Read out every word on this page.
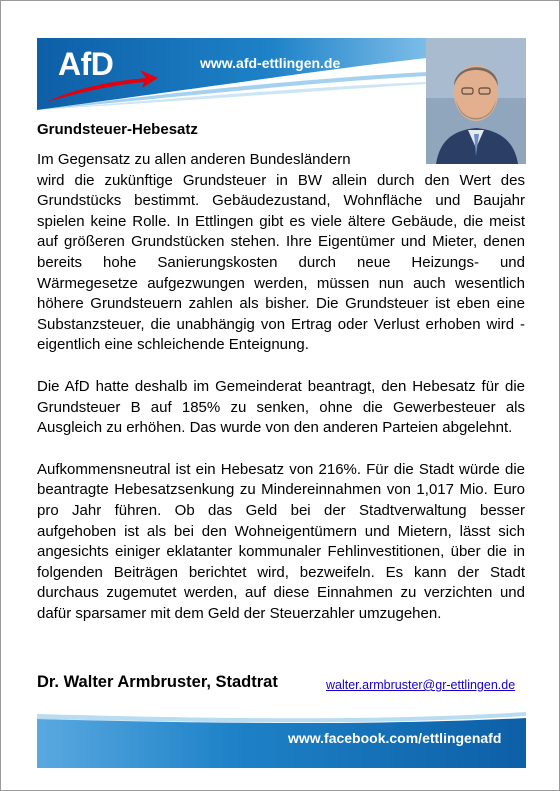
AfD	www.afd-ettlingen.de
Grundsteuer-Hebesatz

Im Gegensatz zu allen anderen Bundesländern
wird die zukünftige Grundsteuer in BW allein durch den Wert des Grundstücks bestimmt. Gebäudezustand, Wohnfläche und Baujahr spielen keine Rolle. In Ettlingen gibt es viele ältere Gebäude, die meist auf größeren Grundstücken stehen. Ihre Eigentümer und Mieter, denen bereits hohe Sanierungskosten durch neue Heizungs- und Wärmegesetze aufgezwungen werden, müssen nun auch wesentlich höhere Grundsteuern zahlen als bisher. Die Grundsteuer ist eben eine Substanzsteuer, die unabhängig von Ertrag oder Verlust erhoben wird - eigentlich eine schleichende Enteignung.

Die AfD hatte deshalb im Gemeinderat beantragt, den Hebesatz für die Grundsteuer B auf 185% zu senken, ohne die Gewerbesteuer als Ausgleich zu erhöhen. Das wurde von den anderen Parteien abgelehnt.

Aufkommensneutral ist ein Hebesatz von 216%. Für die Stadt würde die beantragte Hebesatzsenkung zu Mindereinnahmen von 1,017 Mio. Euro pro Jahr führen. Ob das Geld bei der Stadtverwaltung besser aufgehoben ist als bei den Wohneigentümern und Mietern, lässt sich angesichts einiger eklatanter kommunaler Fehlinvestitionen, über die in folgenden Beiträgen berichtet wird, bezweifeln. Es kann der Stadt durchaus zugemutet werden, auf diese Einnahmen zu verzichten und dafür sparsamer mit dem Geld der Steuerzahler umzugehen.

Dr. Walter Armbruster, Stadtrat	walter.armbruster@gr-ettlingen.de
www.facebook.com/ettlingenafd
